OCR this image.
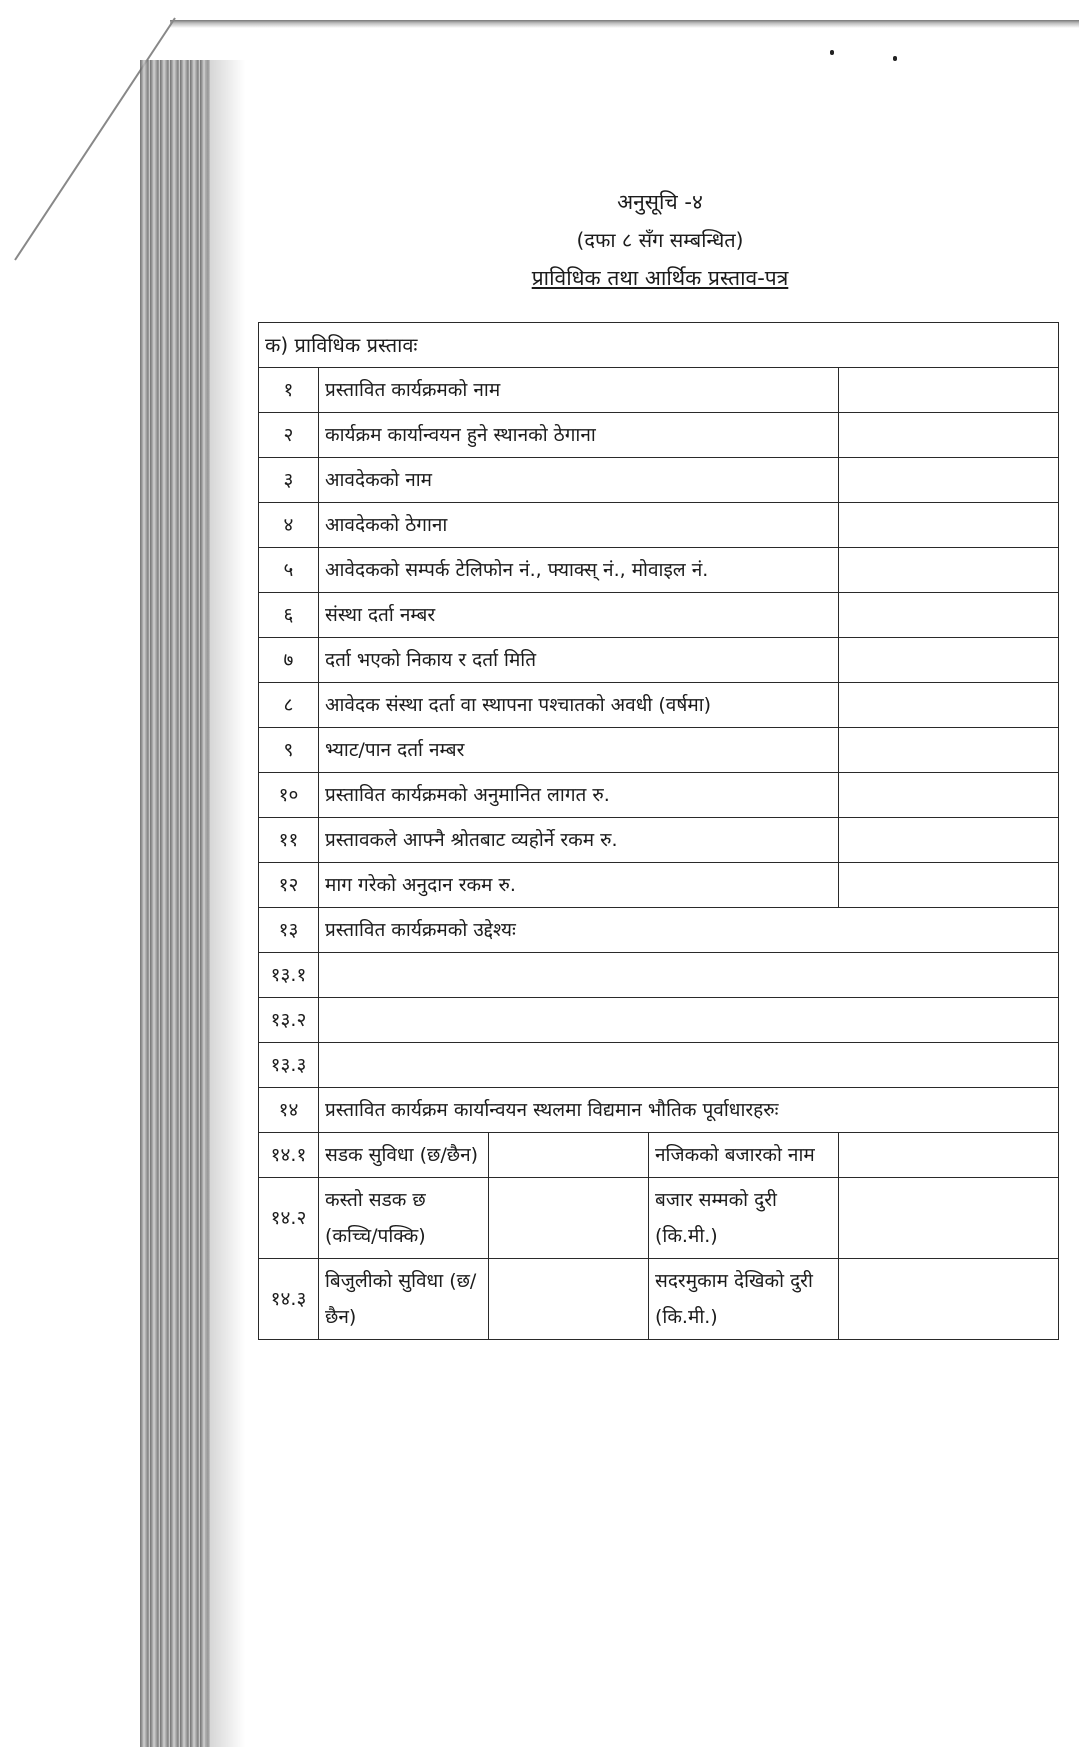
अनुसूचि -४
(दफा ८ सँग सम्बन्धित)
प्राविधिक तथा आर्थिक प्रस्ताव-पत्र
क) प्राविधिक प्रस्तावः				
१	प्रस्तावित कार्यक्रमको नाम			
२	कार्यक्रम कार्यान्वयन हुने स्थानको ठेगाना			
३	आवदेकको नाम			
४	आवदेकको ठेगाना			
५	आवेदकको सम्पर्क टेलिफोन नं., फ्याक्स् नं., मोवाइल नं.			
६	संस्था दर्ता नम्बर			
७	दर्ता भएको निकाय र दर्ता मिति			
८	आवेदक संस्था दर्ता वा स्थापना पश्चातको अवधी (वर्षमा)			
९	भ्याट/पान दर्ता नम्बर			
१०	प्रस्तावित कार्यक्रमको अनुमानित लागत रु.			
११	प्रस्तावकले आफ्नै श्रोतबाट व्यहोर्ने रकम रु.			
१२	माग गरेको अनुदान रकम रु.			
१३	प्रस्तावित कार्यक्रमको उद्देश्यः			
१३.१				
१३.२				
१३.३				
१४	प्रस्तावित कार्यक्रम कार्यान्वयन स्थलमा विद्यमान भौतिक पूर्वाधारहरुः			
१४.१	सडक सुविधा (छ/छैन)		नजिकको बजारको नाम	
१४.२	कस्तो सडक छ (कच्चि/पक्कि)		बजार सम्मको दुरी (कि.मी.)	
१४.३	बिजुलीको सुविधा (छ/छैन)		सदरमुकाम देखिको दुरी (कि.मी.)	
